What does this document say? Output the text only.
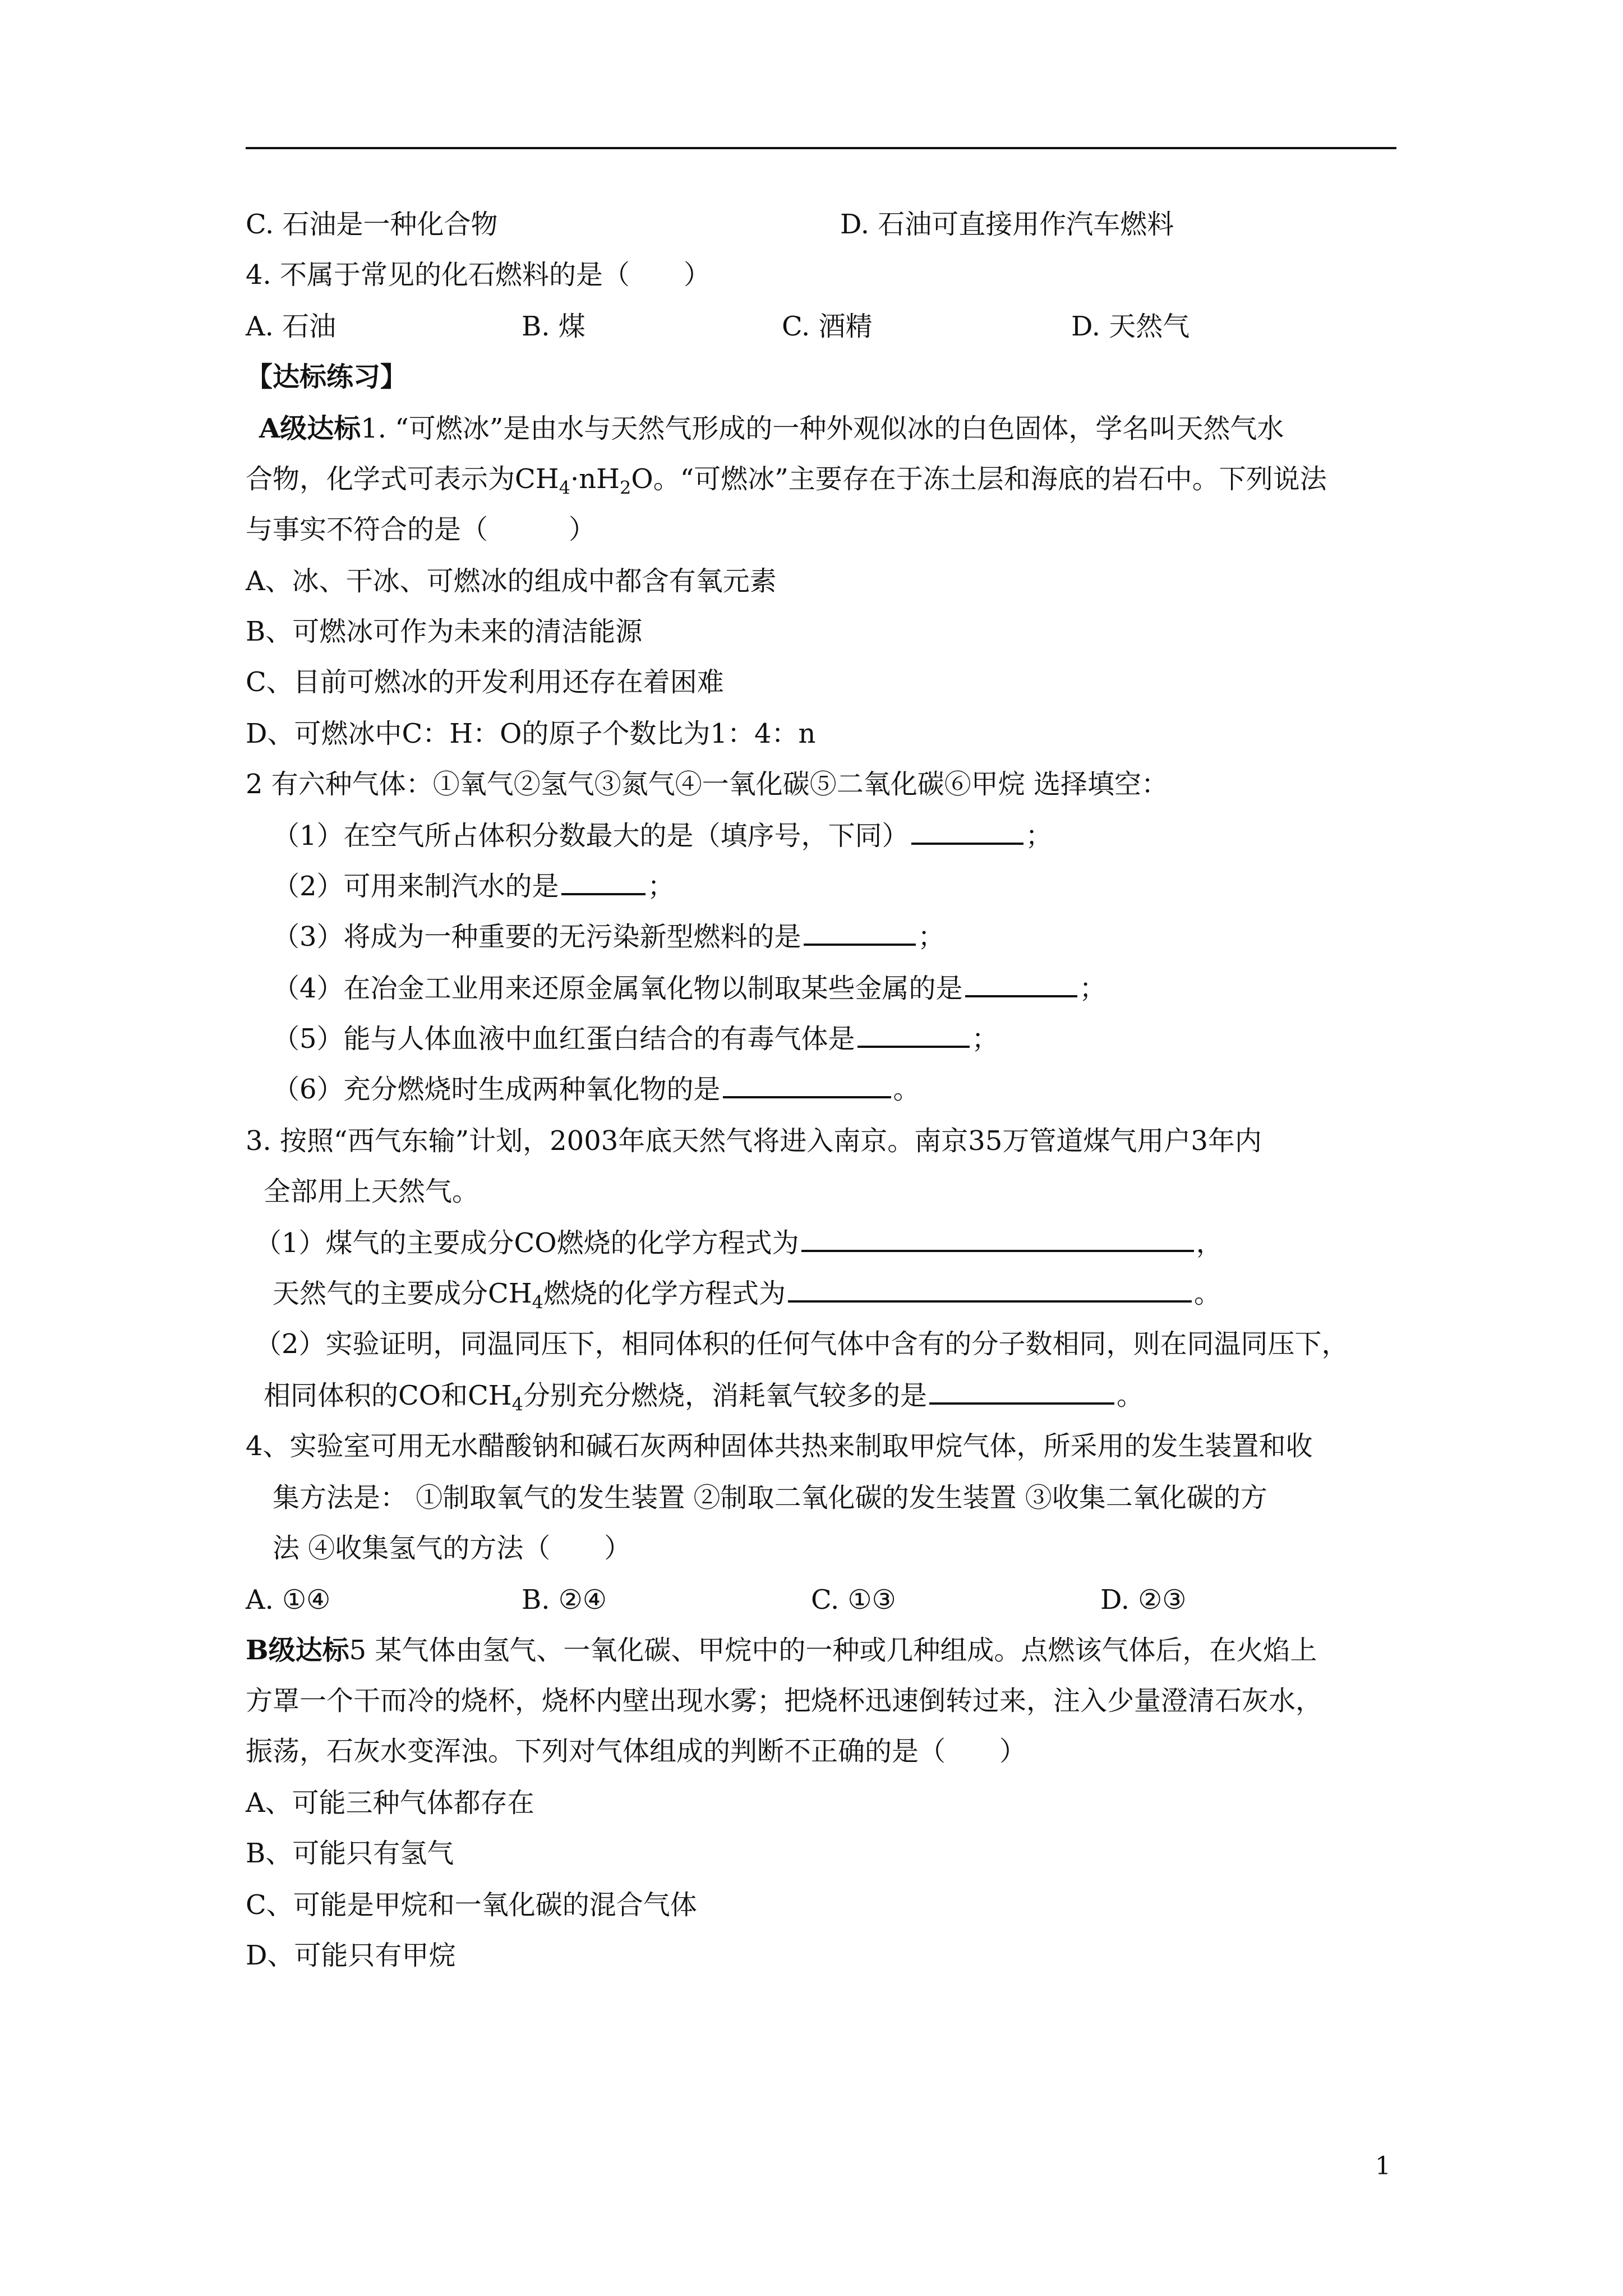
C. 石油是一种化合物	D. 石油可直接用作汽车燃料
4. 不属于常见的化石燃料的是（　　）
A. 石油	B. 煤	C. 酒精	D. 天然气
【达标练习】
A级达标1. “可燃冰”是由水与天然气形成的一种外观似冰的白色固体，学名叫天然气水
合物，化学式可表示为$CH_4\cdot nH_2O$。“可燃冰”主要存在于冻土层和海底的岩石中。下列说法
与事实不符合的是（　　　）
A、冰、干冰、可燃冰的组成中都含有氧元素
B、可燃冰可作为未来的清洁能源
C、目前可燃冰的开发利用还存在着困难
D、可燃冰中C：H：O的原子个数比为1：4：n
2 有六种气体：①氧气②氢气③氮气④一氧化碳⑤二氧化碳⑥甲烷 选择填空：
（1）在空气所占体积分数最大的是（填序号，下同）	；
（2）可用来制汽水的是	；
（3）将成为一种重要的无污染新型燃料的是	；
（4）在冶金工业用来还原金属氧化物以制取某些金属的是	；
（5）能与人体血液中血红蛋白结合的有毒气体是	；
（6）充分燃烧时生成两种氧化物的是	。
3. 按照“西气东输”计划，2003年底天然气将进入南京。南京35万管道煤气用户3年内
全部用上天然气。
（1）煤气的主要成分CO燃烧的化学方程式为	，
天然气的主要成分$CH_4$燃烧的化学方程式为	。
（2）实验证明，同温同压下，相同体积的任何气体中含有的分子数相同，则在同温同压下，
相同体积的CO和$CH_4$分别充分燃烧，消耗氧气较多的是	。
4、实验室可用无水醋酸钠和碱石灰两种固体共热来制取甲烷气体，所采用的发生装置和收
集方法是： ①制取氧气的发生装置 ②制取二氧化碳的发生装置 ③收集二氧化碳的方
法 ④收集氢气的方法（　　）
A. ①④	B. ②④	C. ①③	D. ②③
B级达标5 某气体由氢气、一氧化碳、甲烷中的一种或几种组成。点燃该气体后，在火焰上
方罩一个干而冷的烧杯，烧杯内壁出现水雾；把烧杯迅速倒转过来，注入少量澄清石灰水，
振荡，石灰水变浑浊。下列对气体组成的判断不正确的是（　　）
A、可能三种气体都存在
B、可能只有氢气
C、可能是甲烷和一氧化碳的混合气体
D、可能只有甲烷
1
